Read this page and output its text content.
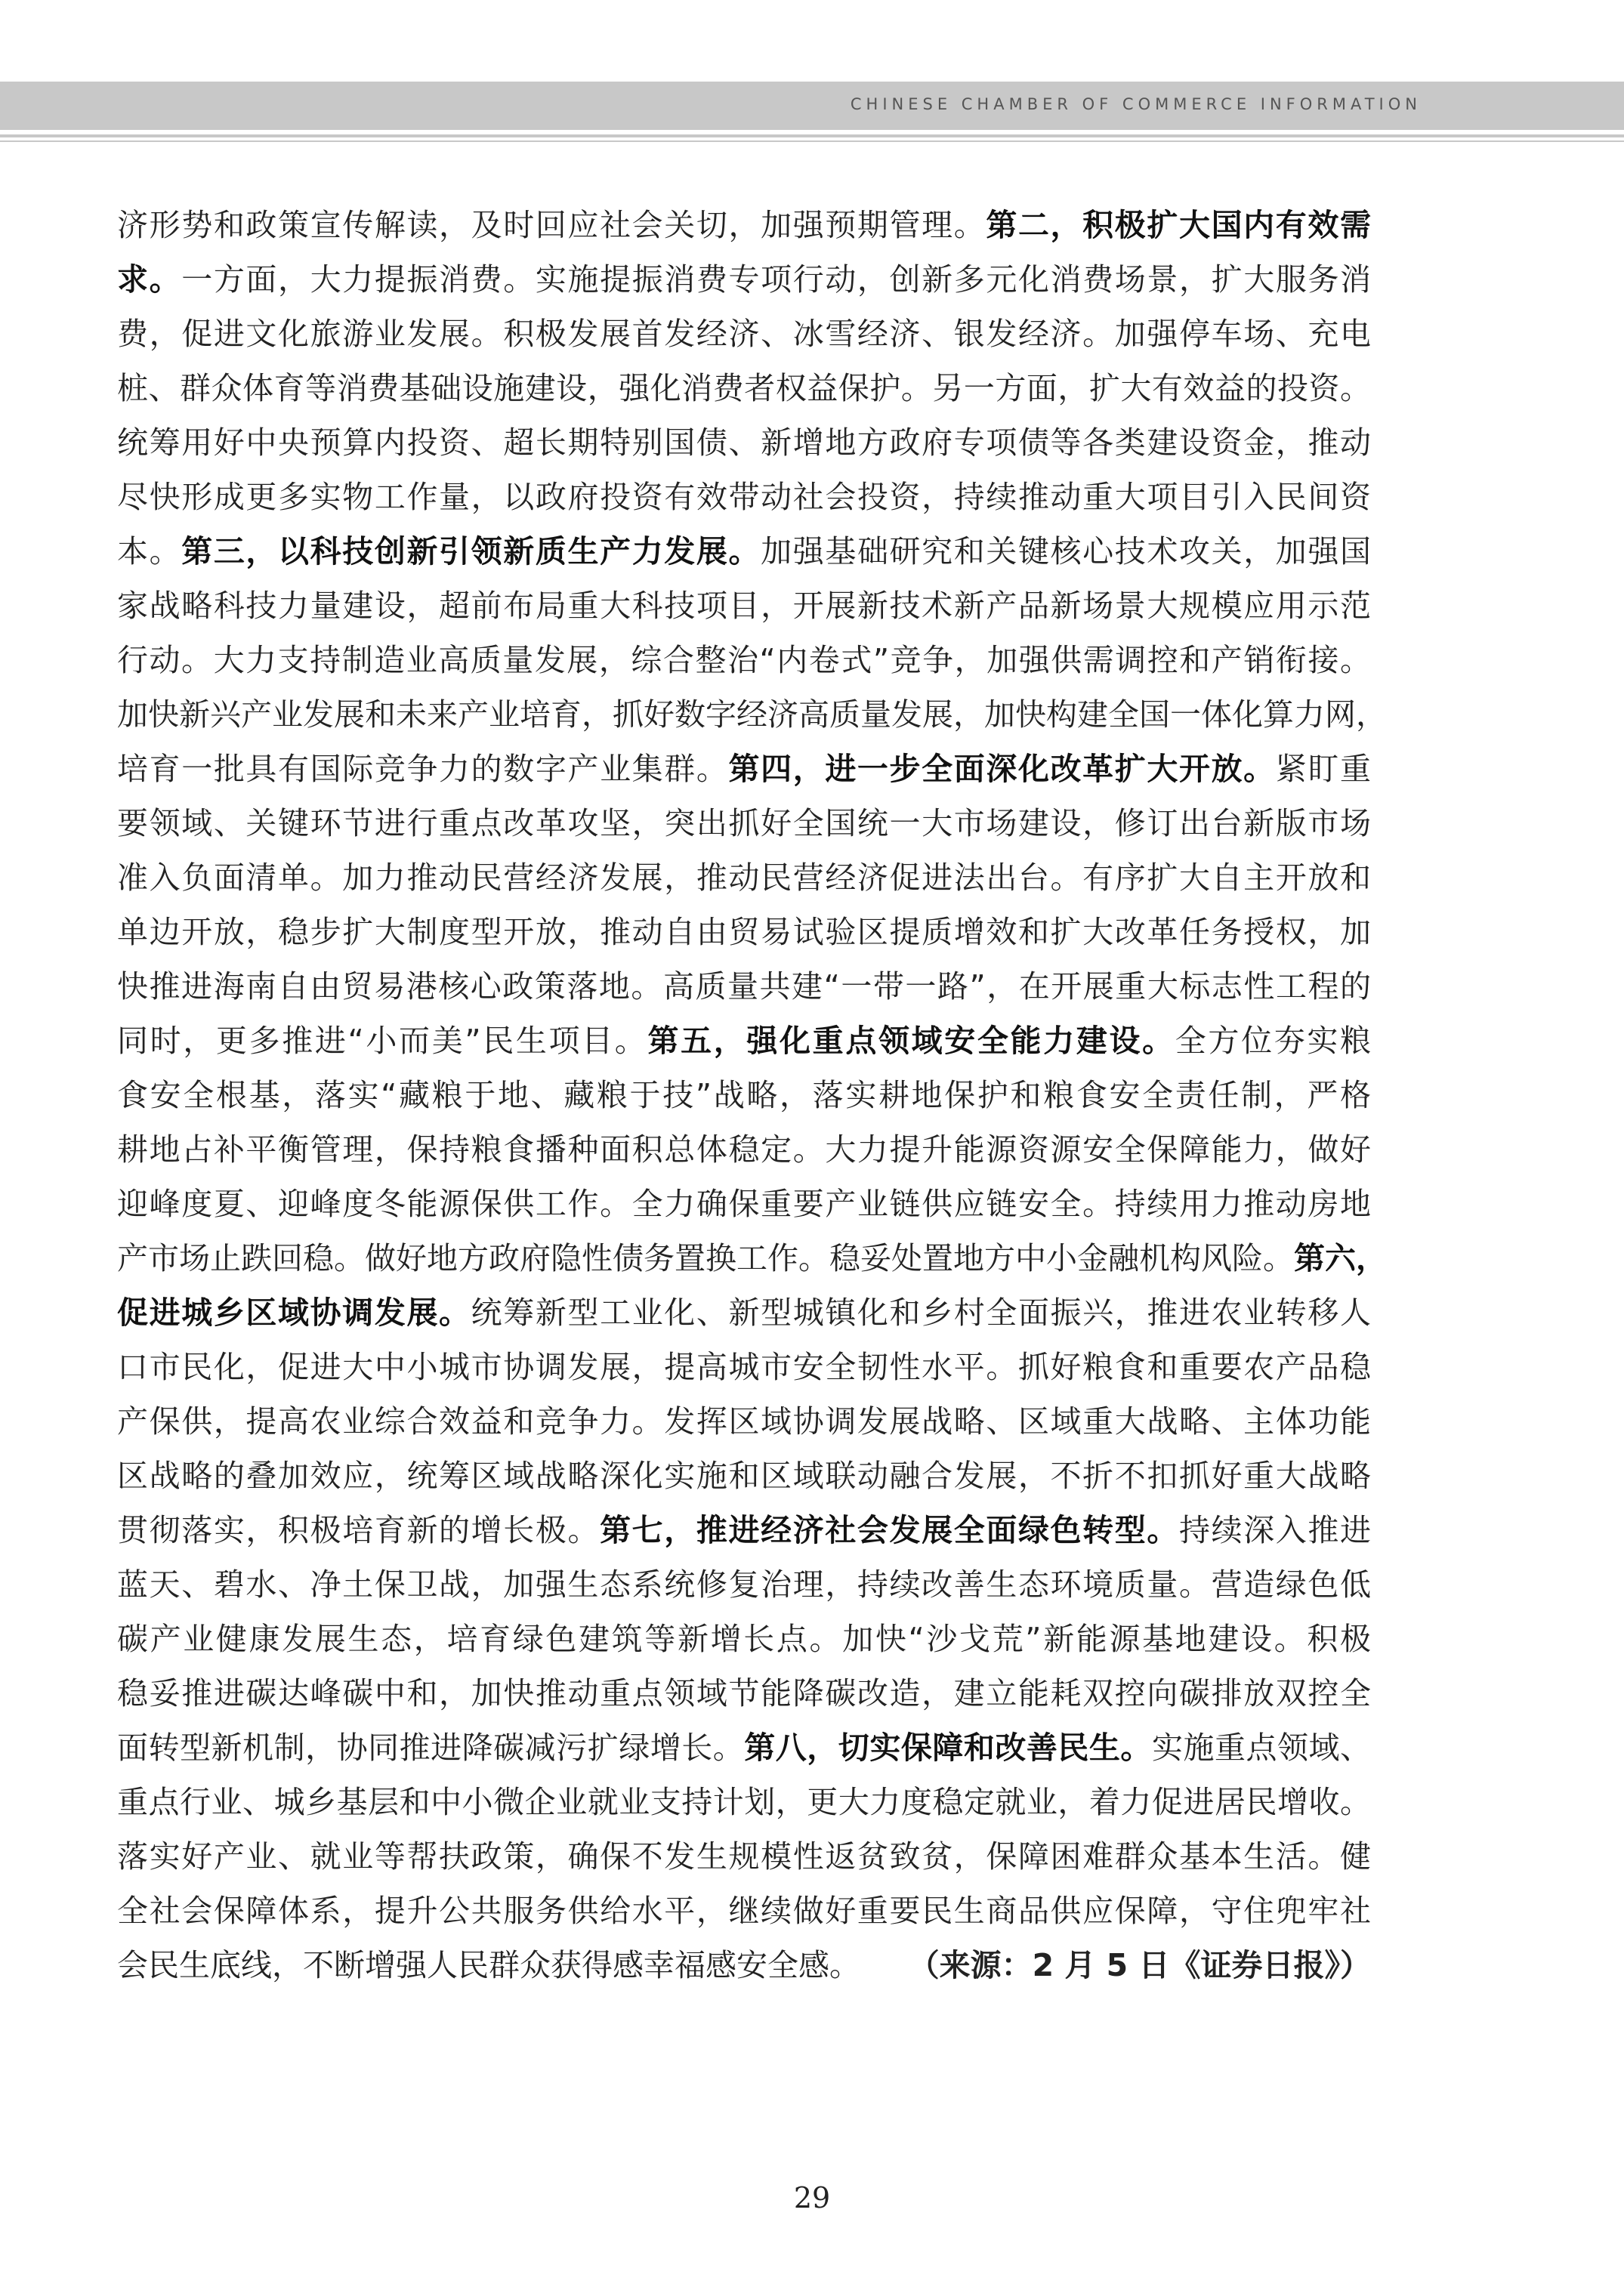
CHINESE CHAMBER OF COMMERCE INFORMATION
济形势和政策宣传解读，及时回应社会关切，加强预期管理。第二，积极扩大国内有效需
求。一方面，大力提振消费。实施提振消费专项行动，创新多元化消费场景，扩大服务消
费，促进文化旅游业发展。积极发展首发经济、冰雪经济、银发经济。加强停车场、充电
桩、群众体育等消费基础设施建设，强化消费者权益保护。另一方面，扩大有效益的投资。
统筹用好中央预算内投资、超长期特别国债、新增地方政府专项债等各类建设资金，推动
尽快形成更多实物工作量，以政府投资有效带动社会投资，持续推动重大项目引入民间资
本。第三，以科技创新引领新质生产力发展。加强基础研究和关键核心技术攻关，加强国
家战略科技力量建设，超前布局重大科技项目，开展新技术新产品新场景大规模应用示范
行动。大力支持制造业高质量发展，综合整治“内卷式”竞争，加强供需调控和产销衔接。
加快新兴产业发展和未来产业培育，抓好数字经济高质量发展，加快构建全国一体化算力网，
培育一批具有国际竞争力的数字产业集群。第四，进一步全面深化改革扩大开放。紧盯重
要领域、关键环节进行重点改革攻坚，突出抓好全国统一大市场建设，修订出台新版市场
准入负面清单。加力推动民营经济发展，推动民营经济促进法出台。有序扩大自主开放和
单边开放，稳步扩大制度型开放，推动自由贸易试验区提质增效和扩大改革任务授权，加
快推进海南自由贸易港核心政策落地。高质量共建“一带一路”，在开展重大标志性工程的
同时，更多推进“小而美”民生项目。第五，强化重点领域安全能力建设。全方位夯实粮
食安全根基，落实“藏粮于地、藏粮于技”战略，落实耕地保护和粮食安全责任制，严格
耕地占补平衡管理，保持粮食播种面积总体稳定。大力提升能源资源安全保障能力，做好
迎峰度夏、迎峰度冬能源保供工作。全力确保重要产业链供应链安全。持续用力推动房地
产市场止跌回稳。做好地方政府隐性债务置换工作。稳妥处置地方中小金融机构风险。第六，
促进城乡区域协调发展。统筹新型工业化、新型城镇化和乡村全面振兴，推进农业转移人
口市民化，促进大中小城市协调发展，提高城市安全韧性水平。抓好粮食和重要农产品稳
产保供，提高农业综合效益和竞争力。发挥区域协调发展战略、区域重大战略、主体功能
区战略的叠加效应，统筹区域战略深化实施和区域联动融合发展，不折不扣抓好重大战略
贯彻落实，积极培育新的增长极。第七，推进经济社会发展全面绿色转型。持续深入推进
蓝天、碧水、净土保卫战，加强生态系统修复治理，持续改善生态环境质量。营造绿色低
碳产业健康发展生态，培育绿色建筑等新增长点。加快“沙戈荒”新能源基地建设。积极
稳妥推进碳达峰碳中和，加快推动重点领域节能降碳改造，建立能耗双控向碳排放双控全
面转型新机制，协同推进降碳减污扩绿增长。第八，切实保障和改善民生。实施重点领域、
重点行业、城乡基层和中小微企业就业支持计划，更大力度稳定就业，着力促进居民增收。
落实好产业、就业等帮扶政策，确保不发生规模性返贫致贫，保障困难群众基本生活。健
全社会保障体系，提升公共服务供给水平，继续做好重要民生商品供应保障，守住兜牢社
会民生底线，不断增强人民群众获得感幸福感安全感。 （来源：2 月 5 日《证券日报》）
29
